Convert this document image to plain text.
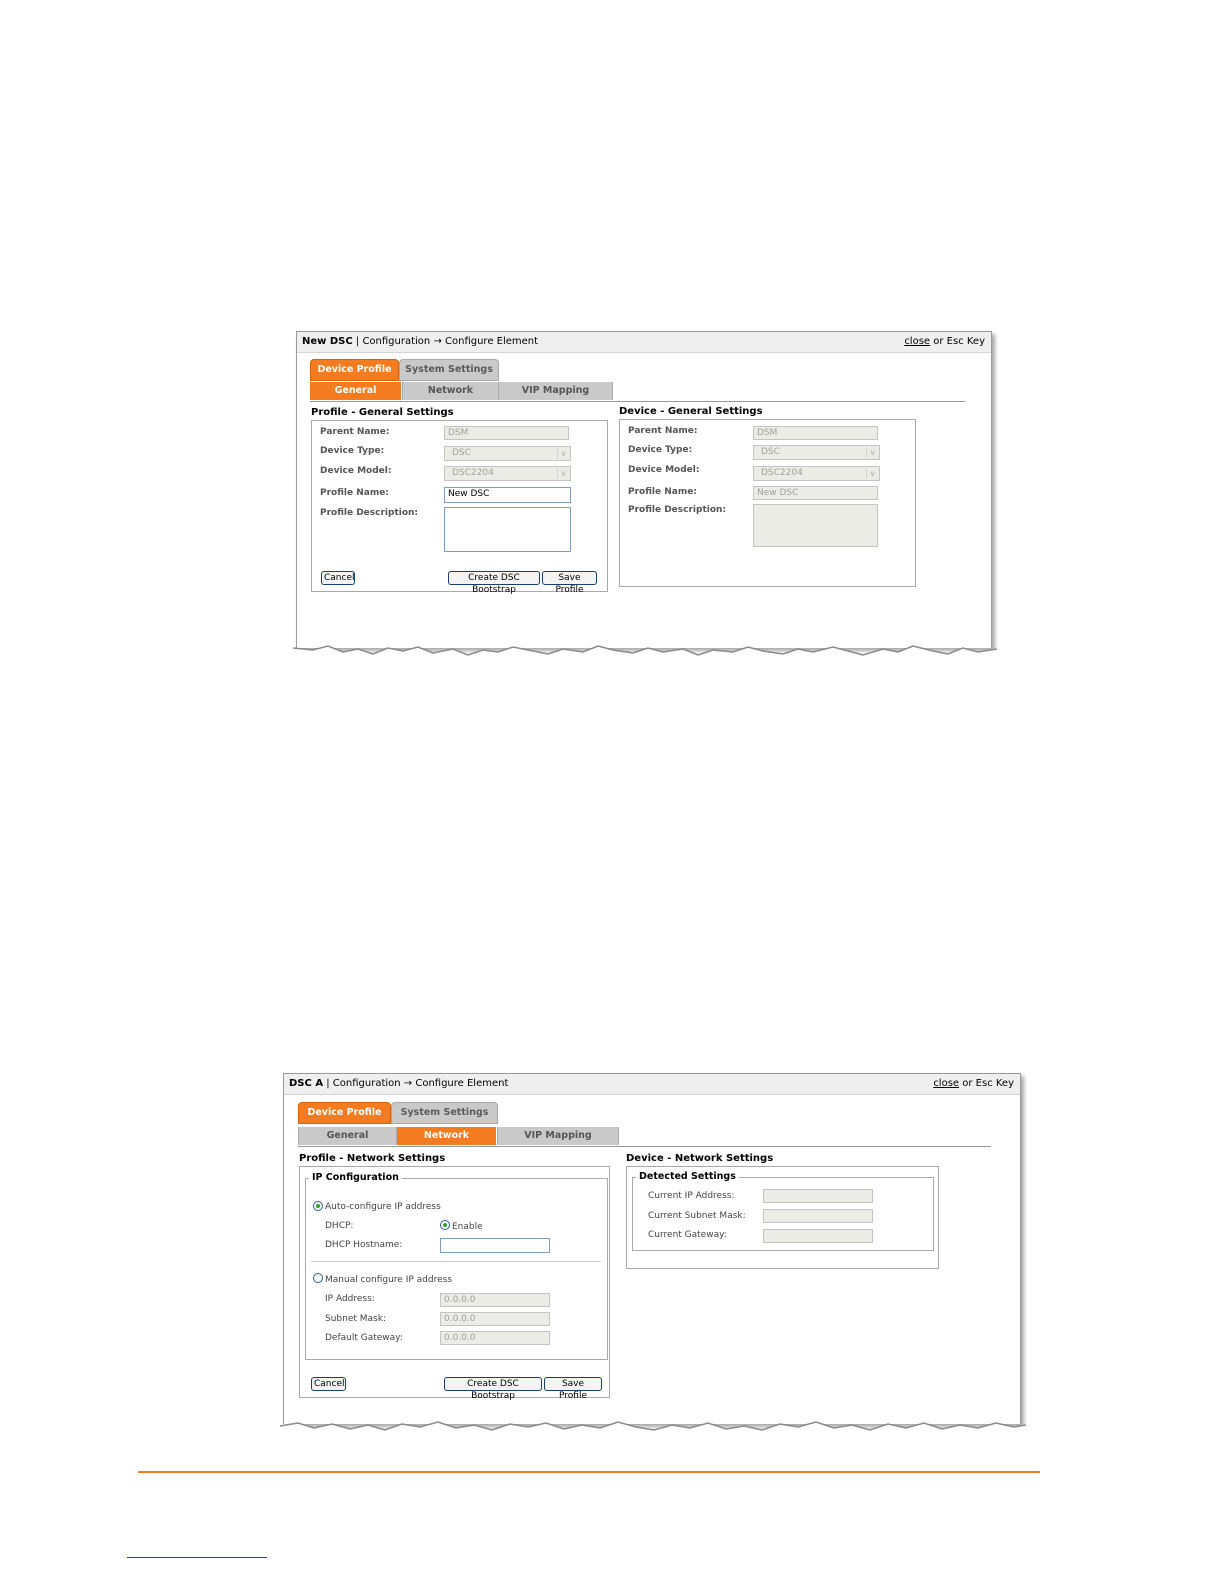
New DSC | Configuration → Configure Element	close or Esc Key
Device Profile	System Settings
General	Network	VIP Mapping
Profile - General Settings
Parent Name:	DSM
Device Type:	DSC	∨
Device Model:	DSC2204	∨
Profile Name:	New DSC
Profile Description:
Cancel	Create DSC Bootstrap
Save Profile
Device - General Settings
Parent Name:	DSM
Device Type:	DSC	∨
Device Model:	DSC2204	∨
Profile Name:	New DSC
Profile Description:
DSC A | Configuration → Configure Element	close or Esc Key
Device Profile	System Settings
General	Network	VIP Mapping
Profile - Network Settings
IP Configuration
Auto-configure IP address
DHCP:	Enable
DHCP Hostname:
Manual configure IP address
IP Address:	0.0.0.0
Subnet Mask:	0.0.0.0
Default Gateway:	0.0.0.0
Cancel	Create DSC Bootstrap
Save Profile
Device - Network Settings
Detected Settings
Current IP Address:
Current Subnet Mask:
Current Gateway:
